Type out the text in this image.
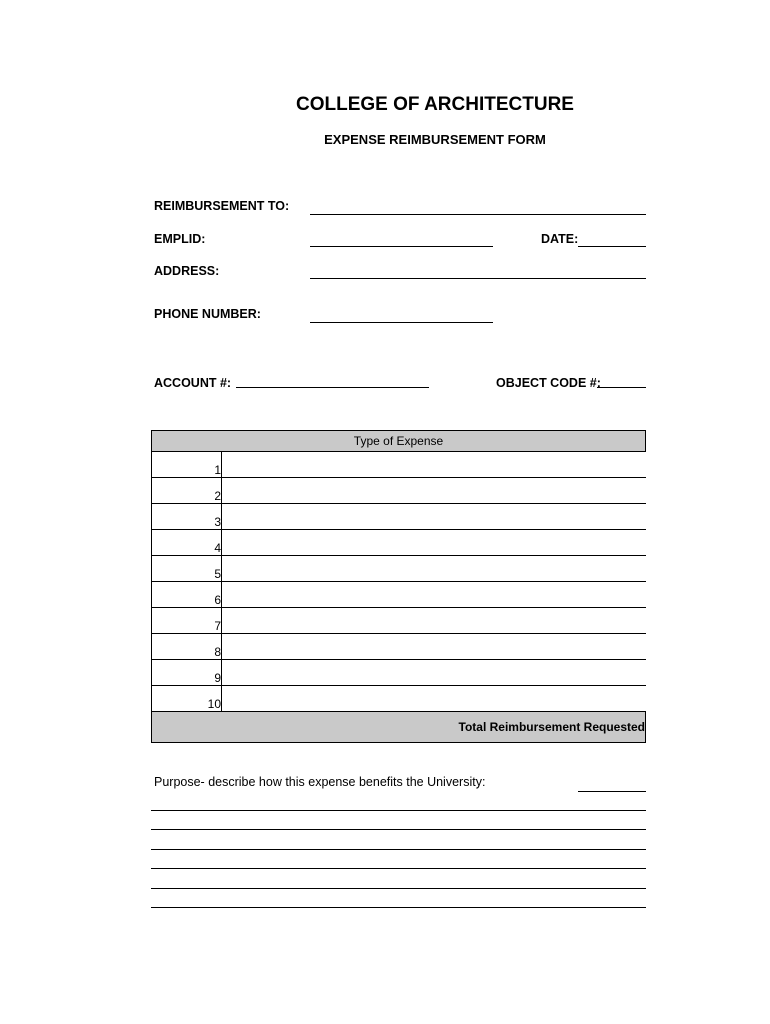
COLLEGE OF ARCHITECTURE
EXPENSE REIMBURSEMENT FORM
REIMBURSEMENT TO:
EMPLID:	DATE:
ADDRESS:
PHONE NUMBER:
ACCOUNT #:	OBJECT CODE #:
Type of Expense	
1	
2	
3	
4	
5	
6	
7	
8	
9	
10	
Total Reimbursement Requested	
Purpose- describe how this expense benefits the University:
